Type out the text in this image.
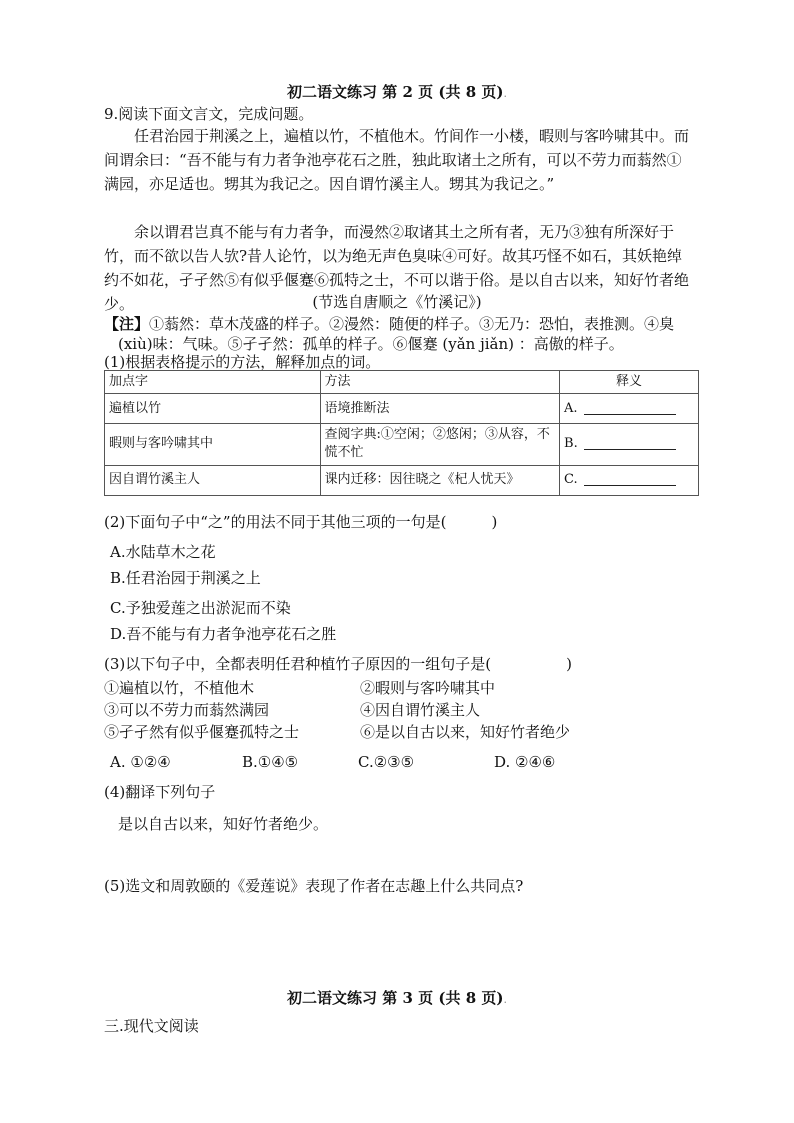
初二语文练习 第 2 页 (共 8 页).
9.阅读下面文言文，完成问题。
任君治园于荆溪之上，遍植以竹，不植他木。竹间作一小楼，暇则与客吟啸其中。而间谓余曰：“吾不能与有力者争池亭花石之胜，独此取诸土之所有，可以不劳力而蓊然①满园，亦足适也。甥其为我记之。因自谓竹溪主人。甥其为我记之。”
余以谓君岂真不能与有力者争，而漫然②取诸其土之所有者，无乃③独有所深好于竹，而不欲以告人欤?昔人论竹，以为绝无声色臭味④可好。故其巧怪不如石，其妖艳绰约不如花，孑孑然⑤有似乎偃蹇⑥孤特之士，不可以谐于俗。是以自古以来，知好竹者绝少。	(节选自唐顺之《竹溪记》)
【注】①蓊然：草木茂盛的样子。②漫然：随便的样子。③无乃：恐怕，表推测。④臭
(xiù)味：气味。⑤孑孑然：孤单的样子。⑥偃蹇 (yǎn jiǎn) ：高傲的样子。
(1)根据表格提示的方法，解释加点的词。
加点字	方法	释义
遍植以竹	语境推断法	A.
暇则与客吟啸其中	查阅字典:①空闲；②悠闲；③从容，不慌不忙	B.
因自谓竹溪主人	课内迁移：因往晓之《杞人忧天》	C.
(2)下面句子中“之”的用法不同于其他三项的一句是(　　　)
A.水陆草木之花
B.任君治园于荆溪之上
C.予独爱莲之出淤泥而不染
D.吾不能与有力者争池亭花石之胜
(3)以下句子中，全都表明任君种植竹子原因的一组句子是(　　　　　)
①遍植以竹，不植他木	②暇则与客吟啸其中
③可以不劳力而蓊然满园	④因自谓竹溪主人
⑤孑孑然有似乎偃蹇孤特之士	⑥是以自古以来，知好竹者绝少
A. ①②④	B.①④⑤	C.②③⑤	D. ②④⑥
(4)翻译下列句子
是以自古以来，知好竹者绝少。
(5)选文和周敦颐的《爱莲说》表现了作者在志趣上什么共同点?
初二语文练习 第 3 页 (共 8 页).
三.现代文阅读
